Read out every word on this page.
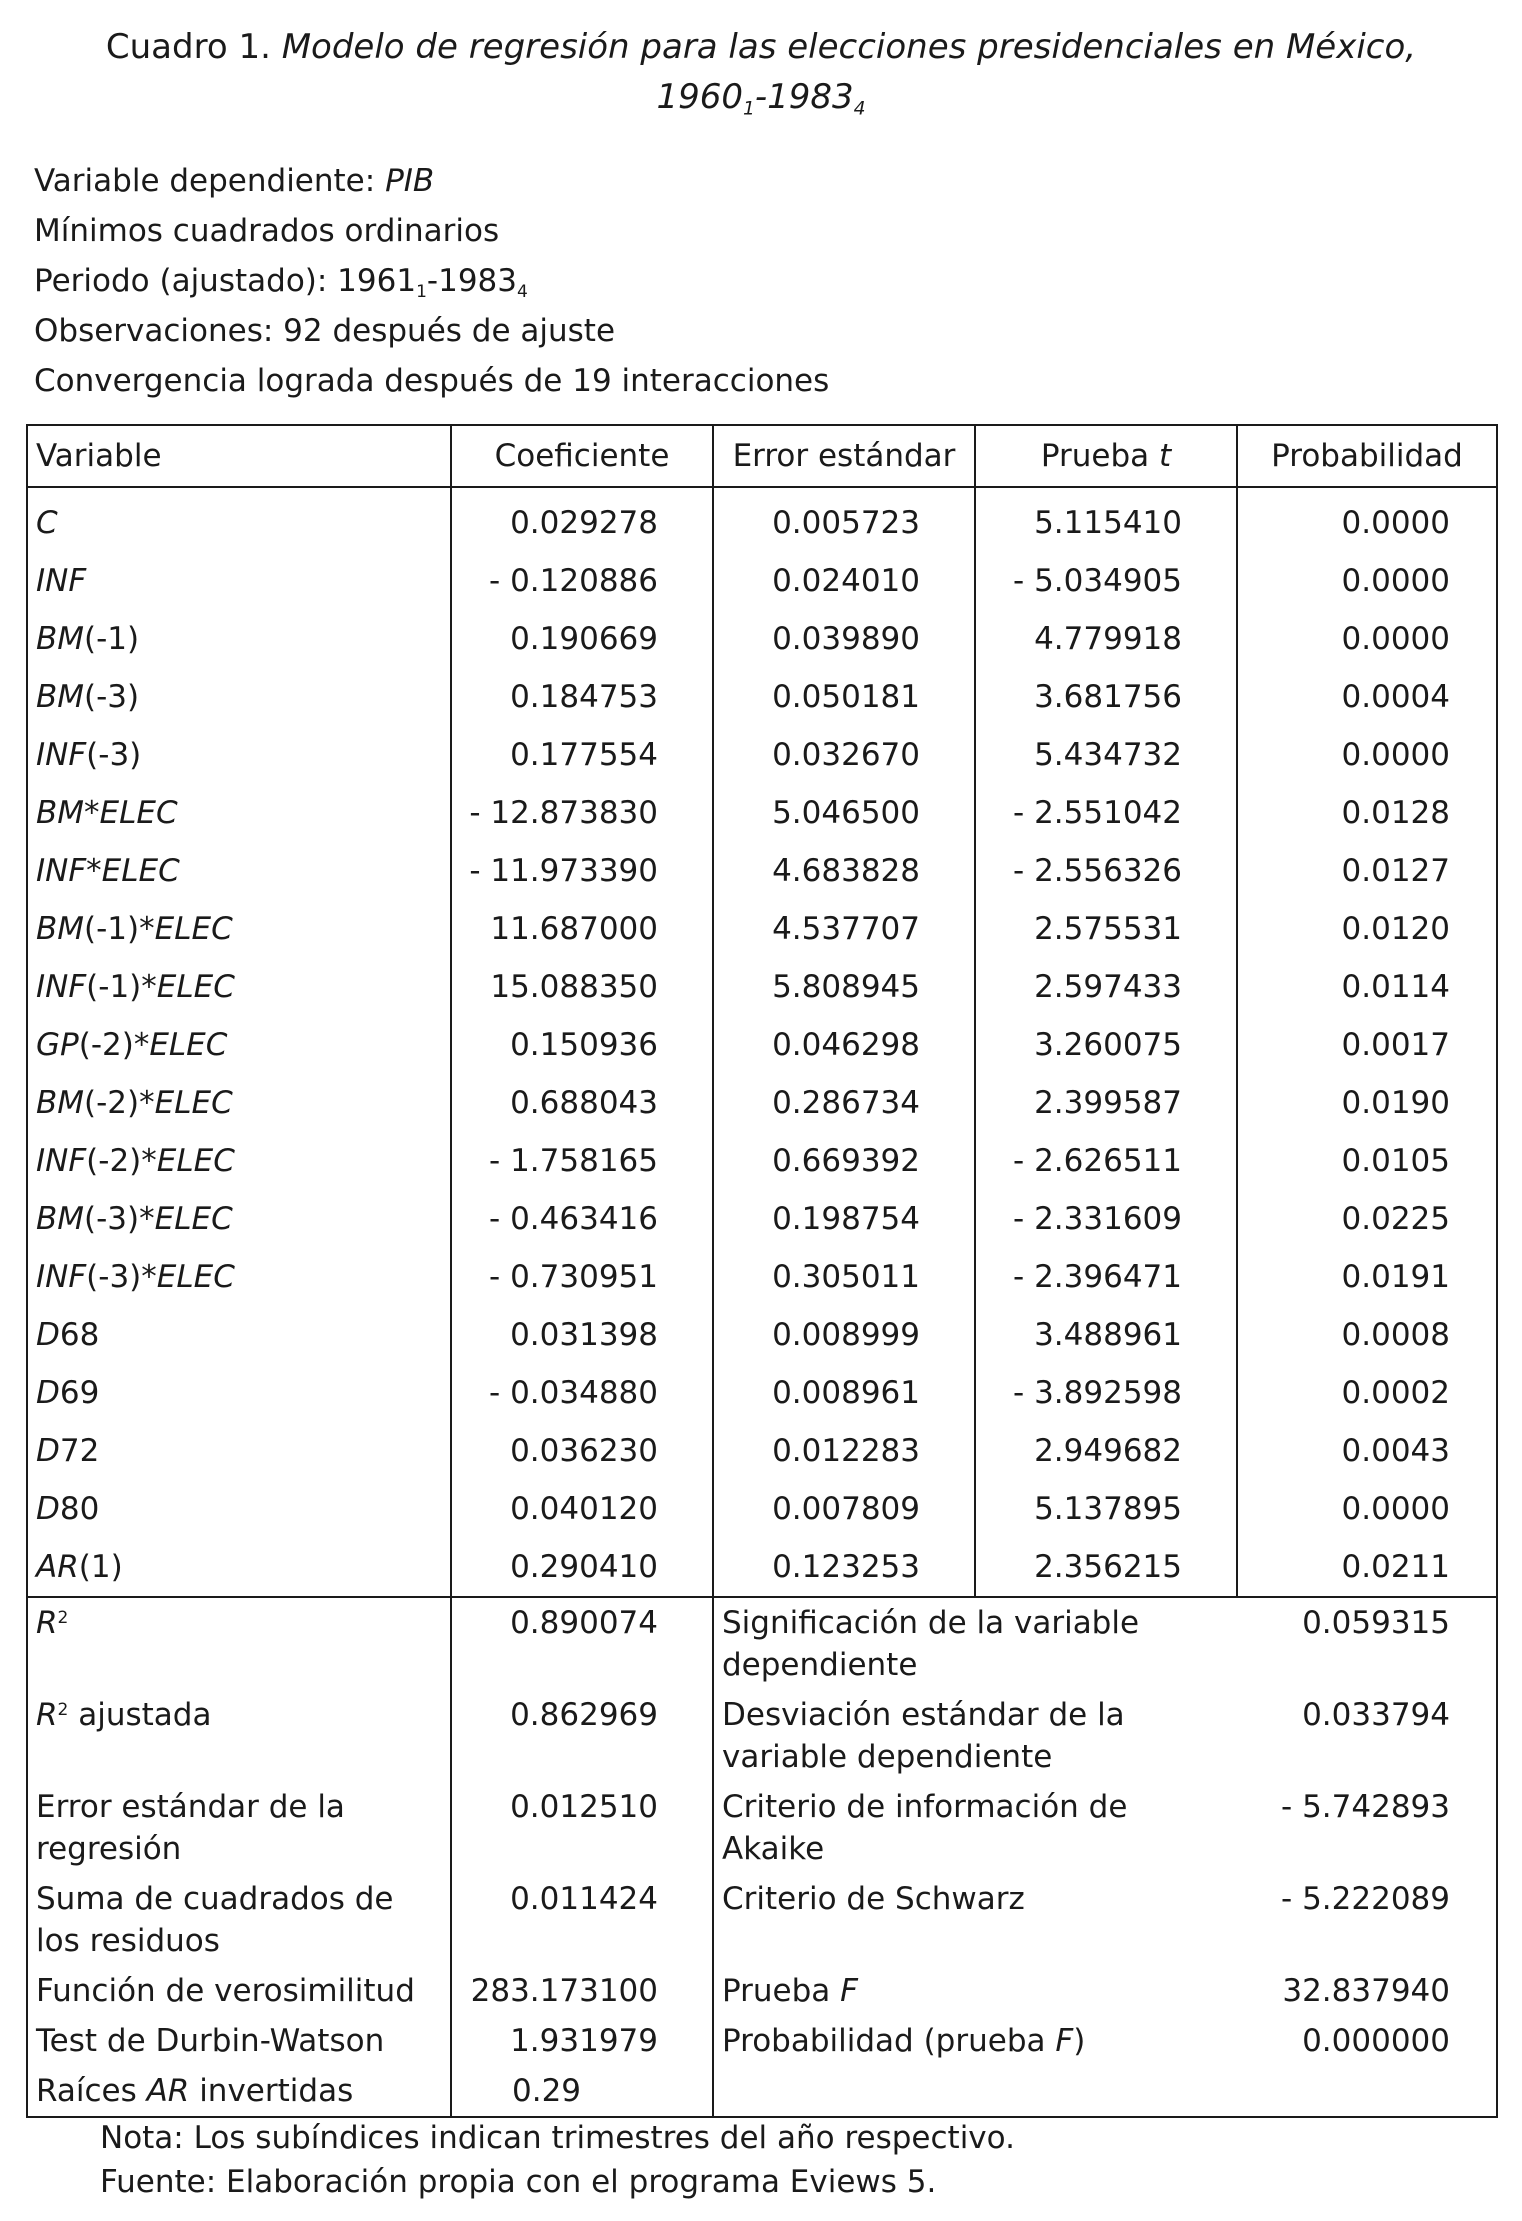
Cuadro 1. Modelo de regresión para las elecciones presidenciales en México,
$1960_1-1983_4$
Variable dependiente: PIB
Mínimos cuadrados ordinarios
Periodo (ajustado): $1961_1-1983_4$
Observaciones: 92 después de ajuste
Convergencia lograda después de 19 interacciones
Variable	Coeficiente	Error estándar	Prueba t	Probabilidad
C	0.029278	0.005723	5.115410	0.0000
INF	- 0.120886	0.024010	- 5.034905	0.0000
BM(-1)	0.190669	0.039890	4.779918	0.0000
BM(-3)	0.184753	0.050181	3.681756	0.0004
INF(-3)	0.177554	0.032670	5.434732	0.0000
BM*ELEC	- 12.873830	5.046500	- 2.551042	0.0128
INF*ELEC	- 11.973390	4.683828	- 2.556326	0.0127
BM(-1)*ELEC	11.687000	4.537707	2.575531	0.0120
INF(-1)*ELEC	15.088350	5.808945	2.597433	0.0114
GP(-2)*ELEC	0.150936	0.046298	3.260075	0.0017
BM(-2)*ELEC	0.688043	0.286734	2.399587	0.0190
INF(-2)*ELEC	- 1.758165	0.669392	- 2.626511	0.0105
BM(-3)*ELEC	- 0.463416	0.198754	- 2.331609	0.0225
INF(-3)*ELEC	- 0.730951	0.305011	- 2.396471	0.0191
D68	0.031398	0.008999	3.488961	0.0008
D69	- 0.034880	0.008961	- 3.892598	0.0002
D72	0.036230	0.012283	2.949682	0.0043
D80	0.040120	0.007809	5.137895	0.0000
AR(1)	0.290410	0.123253	2.356215	0.0211
$R^2$	0.890074	Significación de la variable dependiente		0.059315
$R^2$ ajustada	0.862969	Desviación estándar de la variable dependiente		0.033794
Error estándar de la regresión	0.012510	Criterio de información de Akaike		- 5.742893
Suma de cuadrados de los residuos	0.011424	Criterio de Schwarz		- 5.222089
Función de verosimilitud	283.173100	Prueba F		32.837940
Test de Durbin-Watson	1.931979	Probabilidad (prueba F)		0.000000
Raíces AR invertidas	0.29			
Nota: Los subíndices indican trimestres del año respectivo.
Fuente: Elaboración propia con el programa Eviews 5.
